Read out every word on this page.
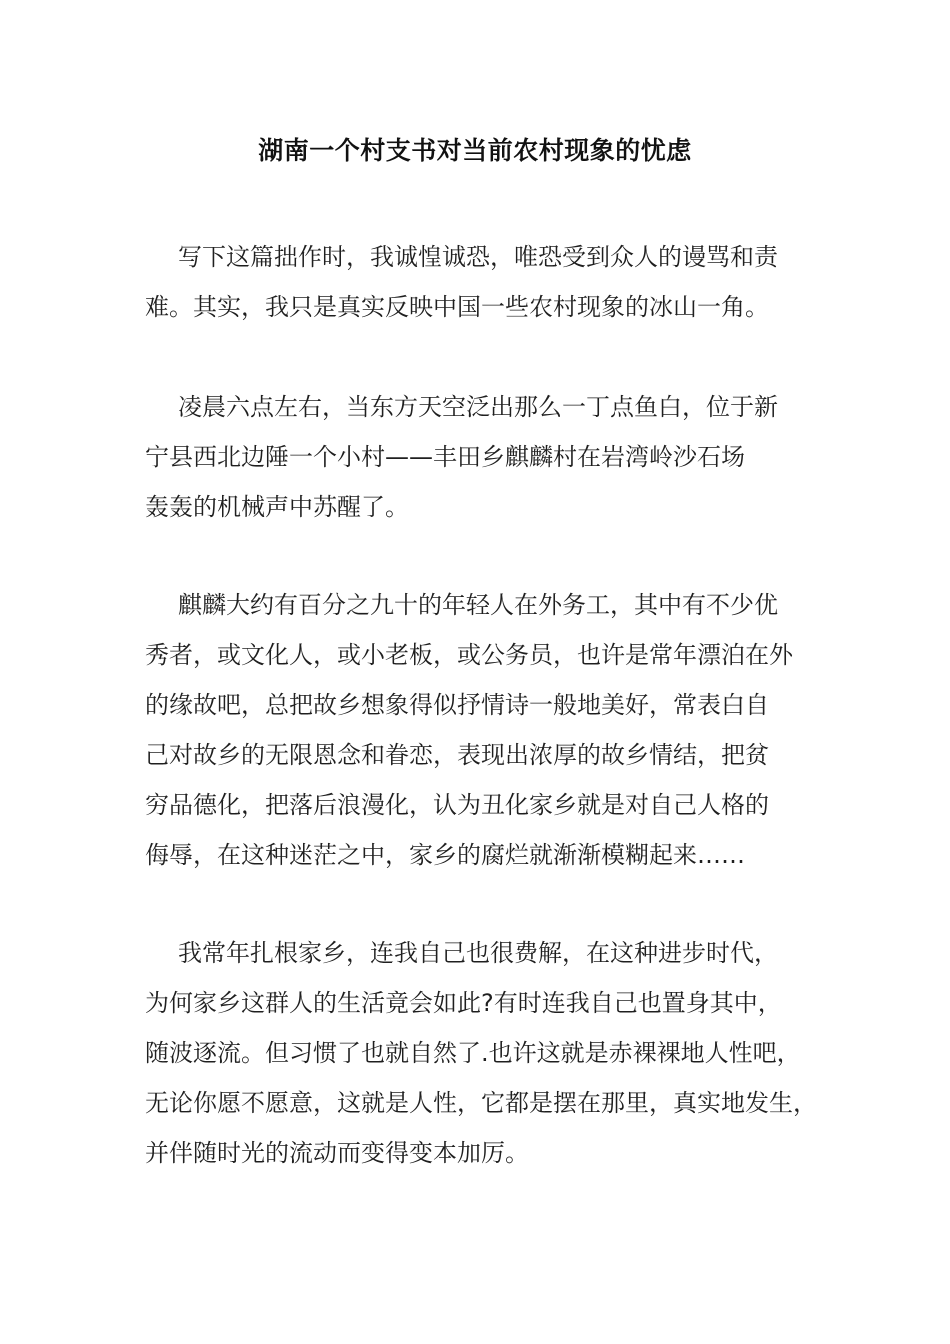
湖南一个村支书对当前农村现象的忧虑
写下这篇拙作时，我诚惶诚恐，唯恐受到众人的谩骂和责
难。其实，我只是真实反映中国一些农村现象的冰山一角。
凌晨六点左右，当东方天空泛出那么一丁点鱼白，位于新
宁县西北边陲一个小村——丰田乡麒麟村在岩湾岭沙石场
轰轰的机械声中苏醒了。
麒麟大约有百分之九十的年轻人在外务工，其中有不少优
秀者，或文化人，或小老板，或公务员，也许是常年漂泊在外
的缘故吧，总把故乡想象得似抒情诗一般地美好，常表白自
己对故乡的无限恩念和眷恋，表现出浓厚的故乡情结，把贫
穷品德化，把落后浪漫化，认为丑化家乡就是对自己人格的
侮辱，在这种迷茫之中，家乡的腐烂就渐渐模糊起来……
我常年扎根家乡，连我自己也很费解，在这种进步时代，
为何家乡这群人的生活竟会如此?有时连我自己也置身其中，
随波逐流。但习惯了也就自然了.也许这就是赤裸裸地人性吧，
无论你愿不愿意，这就是人性，它都是摆在那里，真实地发生，
并伴随时光的流动而变得变本加厉。
